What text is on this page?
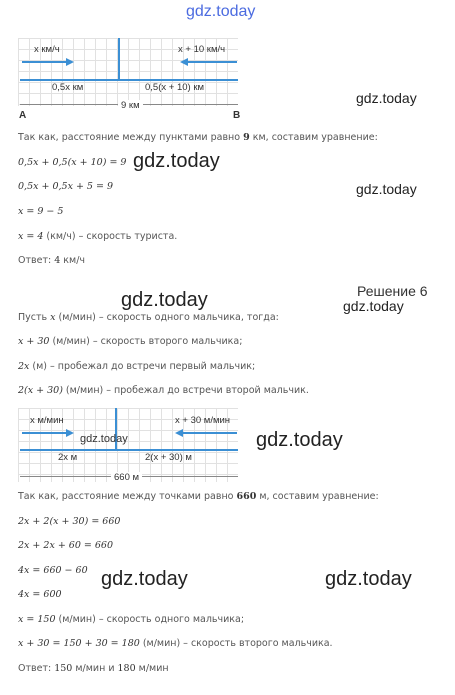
gdz.today
x км/ч	x + 10 км/ч
0,5x км	0,5(x + 10) км
9 км
A	B
gdz.today
Так как, расстояние между пунктами равно 9 км, составим уравнение:
0,5x + 0,5(x + 10) = 9 gdz.today
0,5x + 0,5x + 5 = 9	gdz.today
x = 9 − 5
x = 4 (км/ч) – скорость туриста.
Ответ: 4 км/ч
Решение 6
gdz.today	gdz.today
Пусть x (м/мин) – скорость одного мальчика, тогда:
x + 30 (м/мин) – скорость второго мальчика;
2x (м) – пробежал до встречи первый мальчик;
2(x + 30) (м/мин) – пробежал до встречи второй мальчик.
x м/мин	x + 30 м/мин
2x м	2(x + 30) м
660 м
gdz.today	gdz.today
Так как, расстояние между точками равно 660 м, составим уравнение:
2x + 2(x + 30) = 660
2x + 2x + 60 = 660
4x = 660 − 60 gdz.today	gdz.today
4x = 600
x = 150 (м/мин) – скорость одного мальчика;
x + 30 = 150 + 30 = 180 (м/мин) – скорость второго мальчика.
Ответ: 150 м/мин и 180 м/мин
